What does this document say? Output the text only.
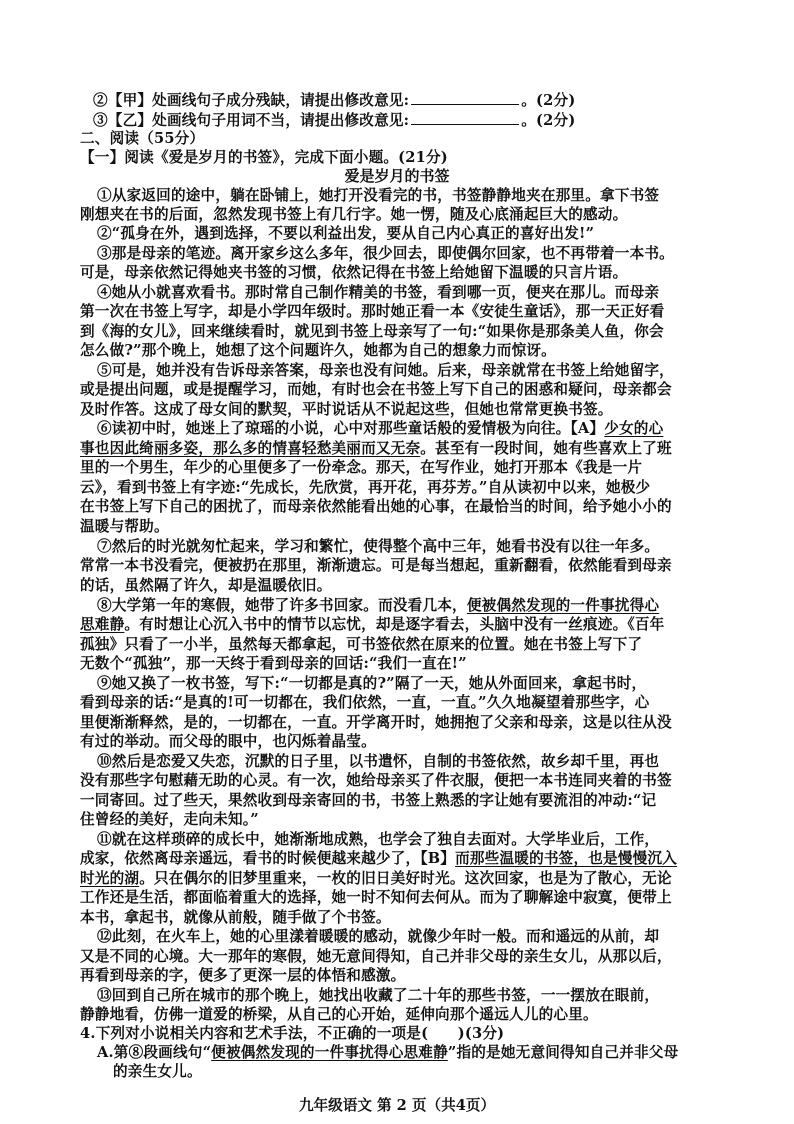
②【甲】处画线句子成分残缺，请提出修改意见:	。(2分)
③【乙】处画线句子用词不当，请提出修改意见:	。(2分)
二、阅读（55分）
【一】阅读《爱是岁月的书签》，完成下面小题。(21分)
爱是岁月的书签
①从家返回的途中，躺在卧铺上，她打开没看完的书，书签静静地夹在那里。拿下书签
刚想夹在书的后面，忽然发现书签上有几行字。她一愣，随及心底涌起巨大的感动。
②“孤身在外，遇到选择，不要以利益出发，要从自己内心真正的喜好出发!”
③那是母亲的笔迹。离开家乡这么多年，很少回去，即使偶尔回家，也不再带着一本书。
可是，母亲依然记得她夹书签的习惯，依然记得在书签上给她留下温暖的只言片语。
④她从小就喜欢看书。那时常自己制作精美的书签，看到哪一页，便夹在那儿。而母亲
第一次在书签上写字，却是小学四年级时。那时她正看一本《安徒生童话》，那一天正好看
到《海的女儿》，回来继续看时，就见到书签上母亲写了一句:“如果你是那条美人鱼，你会
怎么做?”那个晚上，她想了这个问题许久，她都为自己的想象力而惊讶。
⑤可是，她并没有告诉母亲答案，母亲也没有问她。后来，母亲就常在书签上给她留字，
或是提出问题，或是提醒学习，而她，有时也会在书签上写下自己的困惑和疑问，母亲都会
及时作答。这成了母女间的默契，平时说话从不说起这些，但她也常常更换书签。
⑥读初中时，她迷上了琼瑶的小说，心中对那些童话般的爱情极为向往。【A】少女的心
事也因此绮丽多姿，那么多的情喜轻愁美丽而又无奈。甚至有一段时间，她有些喜欢上了班
里的一个男生，年少的心里便多了一份牵念。那天，在写作业，她打开那本《我是一片
云》，看到书签上有字迹:“先成长，先欣赏，再开花，再芬芳。”自从读初中以来，她极少
在书签上写下自己的困扰了，而母亲依然能看出她的心事，在最恰当的时间，给予她小小的
温暖与帮助。
⑦然后的时光就匆忙起来，学习和繁忙，使得整个高中三年，她看书没有以往一年多。
常常一本书没看完，便被扔在那里，渐渐遗忘。可是每当想起，重新翻看，依然能看到母亲
的话，虽然隔了许久，却是温暖依旧。
⑧大学第一年的寒假，她带了许多书回家。而没看几本，便被偶然发现的一件事扰得心
思难静。有时想让心沉入书中的情节以忘忧，却是逐字看去，头脑中没有一丝痕迹。《百年
孤独》只看了一小半，虽然每天都拿起，可书签依然在原来的位置。她在书签上写下了
无数个“孤独”，那一天终于看到母亲的回话:“我们一直在!”
⑨她又换了一枚书签，写下:“一切都是真的?”隔了一天，她从外面回来，拿起书时，
看到母亲的话:“是真的!可一切都在，我们依然，一直，一直。”久久地凝望着那些字，心
里便渐渐释然，是的，一切都在，一直。开学离开时，她拥抱了父亲和母亲，这是以往从没
有过的举动。而父母的眼中，也闪烁着晶莹。
⑩然后是恋爱又失恋，沉默的日子里，以书遣怀，自制的书签依然，故乡却千里，再也
没有那些字句慰藉无助的心灵。有一次，她给母亲买了件衣服，便把一本书连同夹着的书签
一同寄回。过了些天，果然收到母亲寄回的书，书签上熟悉的字让她有要流泪的冲动:“记
住曾经的美好，走向未知。”
⑪就在这样琐碎的成长中，她渐渐地成熟，也学会了独自去面对。大学毕业后，工作，
成家，依然离母亲遥远，看书的时候便越来越少了，【B】而那些温暖的书签，也是慢慢沉入
时光的湖。只在偶尔的旧梦里重来，一枚的旧日美好时光。这次回家，也是为了散心，无论
工作还是生活，都面临着重大的选择，她一时不知何去何从。而为了聊解途中寂寞，便带上
本书，拿起书，就像从前般，随手做了个书签。
⑫此刻，在火车上，她的心里漾着暖暖的感动，就像少年时一般。而和遥远的从前，却
又是不同的心境。大一那年的寒假，她无意间得知，自己并非父母的亲生女儿，从那以后，
再看到母亲的字，便多了更深一层的体悟和感激。
⑬回到自己所在城市的那个晚上，她找出收藏了二十年的那些书签，一一摆放在眼前，
静静地看，仿佛一道爱的桥梁，从自己的心开始，延伸向那个遥远人儿的心里。
4.下列对小说相关内容和艺术手法，不正确的一项是(　　)(3分)
A.第⑧段画线句“便被偶然发现的一件事扰得心思难静”指的是她无意间得知自己并非父母
的亲生女儿。
九年级语文 第 2 页（共4页）
